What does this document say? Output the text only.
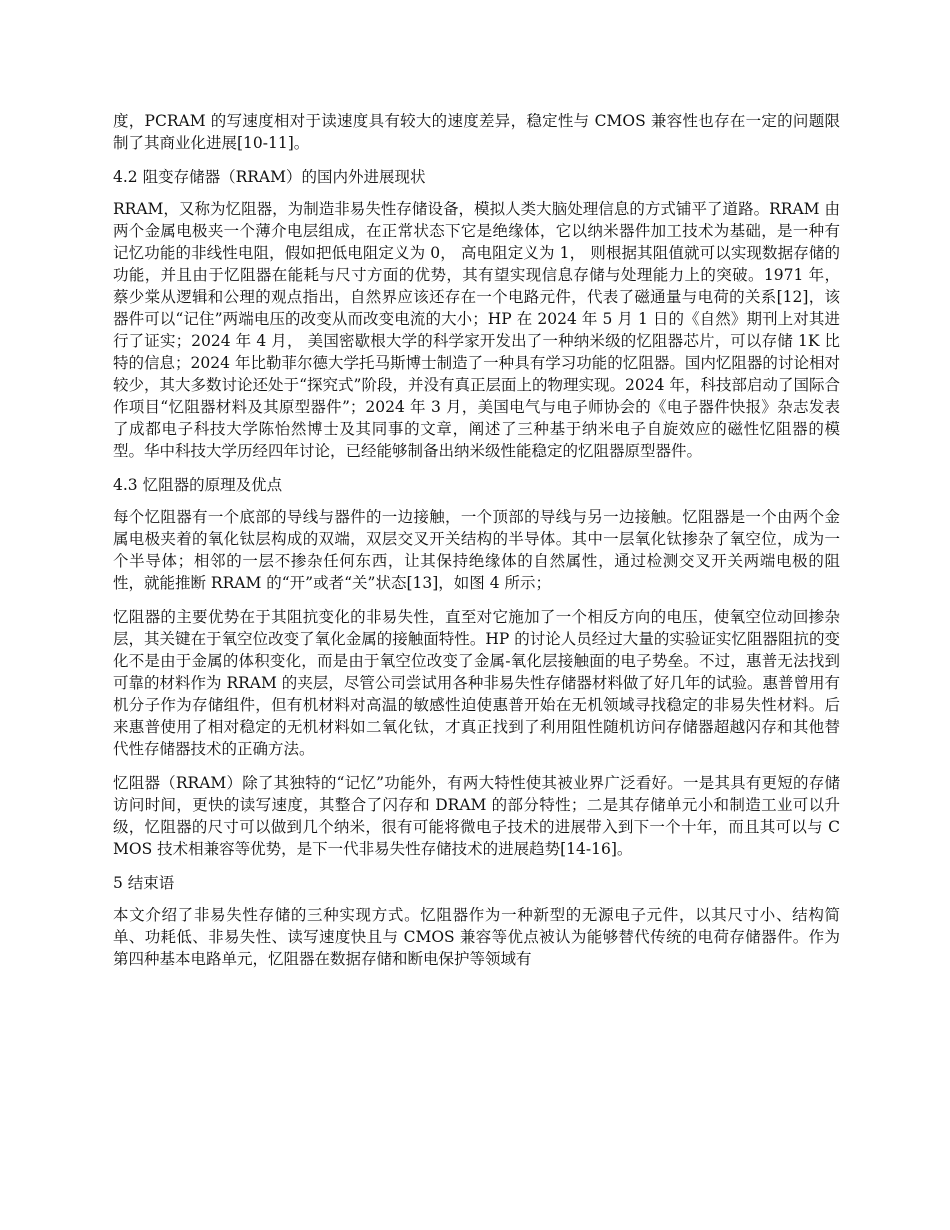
度，PCRAM 的写速度相对于读速度具有较大的速度差异，稳定性与 CMOS 兼容性也存在一定的问题限制了其商业化进展[10-11]。

4.2 阻变存储器（RRAM）的国内外进展现状

RRAM，又称为忆阻器，为制造非易失性存储设备，模拟人类大脑处理信息的方式铺平了道路。RRAM 由两个金属电极夹一个薄介电层组成，在正常状态下它是绝缘体，它以纳米器件加工技术为基础，是一种有记忆功能的非线性电阻，假如把低电阻定义为 0， 高电阻定义为 1， 则根据其阻值就可以实现数据存储的功能，并且由于忆阻器在能耗与尺寸方面的优势，其有望实现信息存储与处理能力上的突破。1971 年， 蔡少棠从逻辑和公理的观点指出，自然界应该还存在一个电路元件，代表了磁通量与电荷的关系[12]，该器件可以“记住”两端电压的改变从而改变电流的大小；HP 在 2024 年 5 月 1 日的《自然》期刊上对其进行了证实；2024 年 4 月， 美国密歇根大学的科学家开发出了一种纳米级的忆阻器芯片，可以存储 1K 比特的信息；2024 年比勒菲尔德大学托马斯博士制造了一种具有学习功能的忆阻器。国内忆阻器的讨论相对较少，其大多数讨论还处于“探究式”阶段，并没有真正层面上的物理实现。2024 年，科技部启动了国际合作项目“忆阻器材料及其原型器件”；2024 年 3 月，美国电气与电子师协会的《电子器件快报》杂志发表了成都电子科技大学陈怡然博士及其同事的文章，阐述了三种基于纳米电子自旋效应的磁性忆阻器的模型。华中科技大学历经四年讨论，已经能够制备出纳米级性能稳定的忆阻器原型器件。

4.3 忆阻器的原理及优点

每个忆阻器有一个底部的导线与器件的一边接触，一个顶部的导线与另一边接触。忆阻器是一个由两个金属电极夹着的氧化钛层构成的双端，双层交叉开关结构的半导体。其中一层氧化钛掺杂了氧空位，成为一个半导体；相邻的一层不掺杂任何东西，让其保持绝缘体的自然属性，通过检测交叉开关两端电极的阻性，就能推断 RRAM 的“开”或者“关”状态[13]，如图 4 所示；

忆阻器的主要优势在于其阻抗变化的非易失性，直至对它施加了一个相反方向的电压，使氧空位动回掺杂层，其关键在于氧空位改变了氧化金属的接触面特性。HP 的讨论人员经过大量的实验证实忆阻器阻抗的变化不是由于金属的体积变化，而是由于氧空位改变了金属-氧化层接触面的电子势垒。不过，惠普无法找到可靠的材料作为 RRAM 的夹层，尽管公司尝试用各种非易失性存储器材料做了好几年的试验。惠普曾用有机分子作为存储组件，但有机材料对高温的敏感性迫使惠普开始在无机领域寻找稳定的非易失性材料。后来惠普使用了相对稳定的无机材料如二氧化钛，才真正找到了利用阻性随机访问存储器超越闪存和其他替代性存储器技术的正确方法。

忆阻器（RRAM）除了其独特的“记忆”功能外，有两大特性使其被业界广泛看好。一是其具有更短的存储访问时间，更快的读写速度，其整合了闪存和 DRAM 的部分特性；二是其存储单元小和制造工业可以升级，忆阻器的尺寸可以做到几个纳米，很有可能将微电子技术的进展带入到下一个十年，而且其可以与 CMOS 技术相兼容等优势，是下一代非易失性存储技术的进展趋势[14-16]。

5 结束语

本文介绍了非易失性存储的三种实现方式。忆阻器作为一种新型的无源电子元件，以其尺寸小、结构简单、功耗低、非易失性、读写速度快且与 CMOS 兼容等优点被认为能够替代传统的电荷存储器件。作为第四种基本电路单元，忆阻器在数据存储和断电保护等领域有
